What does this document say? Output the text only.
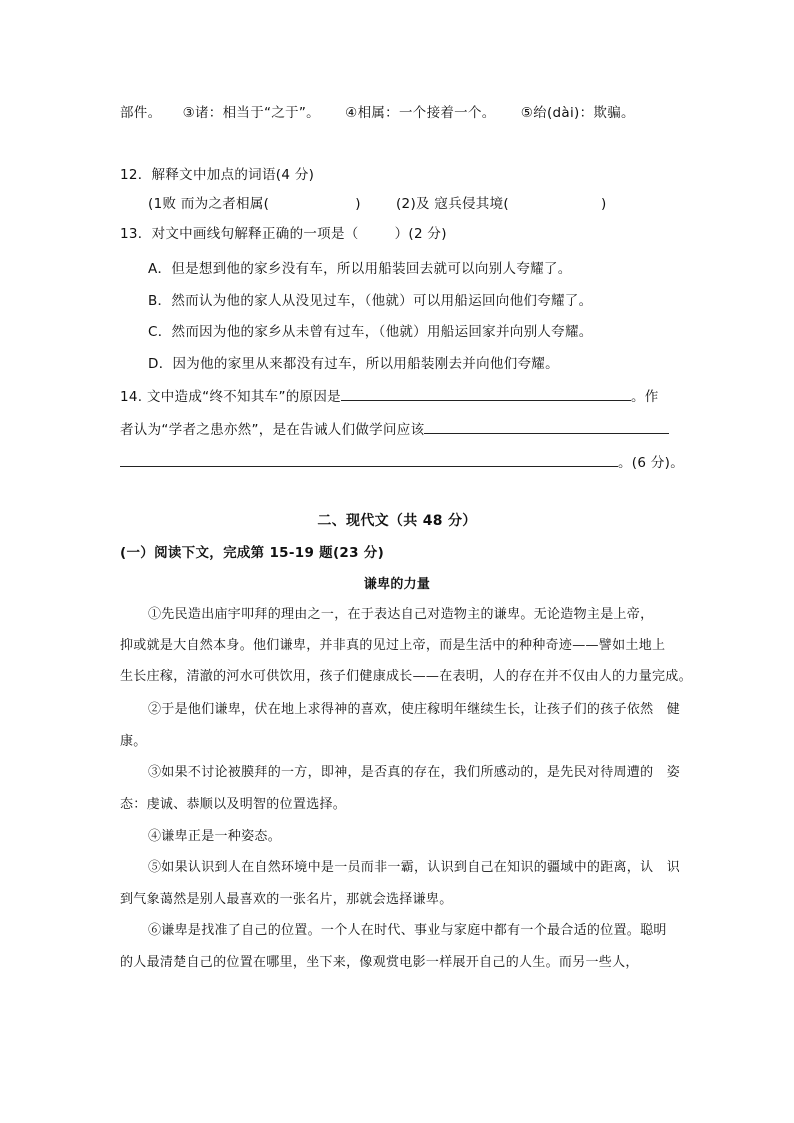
部件。 ③诸：相当于“之于”。 ④相属：一个接着一个。 ⑤绐(dài)：欺骗。
12．解释文中加点的词语(4 分)
(1败 而为之者相属(	)	(2)及 寇兵侵其境(	)
13．对文中画线句解释正确的一项是（	）(2 分)
A．但是想到他的家乡没有车，所以用船装回去就可以向别人夸耀了。
B．然而认为他的家人从没见过车，（他就）可以用船运回向他们夸耀了。
C．然而因为他的家乡从未曾有过车，（他就）用船运回家并向别人夸耀。
D．因为他的家里从来都没有过车，所以用船装刚去并向他们夸耀。
14. 文中造成“终不知其车”的原因是	。作
者认为“学者之患亦然”，是在告诫人们做学问应该
。(6 分)。
二、现代文（共 48 分）
(一）阅读下文，完成第 15-19 题(23 分)
谦卑的力量
①先民造出庙宇叩拜的理由之一，在于表达自己对造物主的谦卑。无论造物主是上帝，
抑或就是大自然本身。他们谦卑，并非真的见过上帝，而是生活中的种种奇迹——譬如土地上
生长庄稼，清澈的河水可供饮用，孩子们健康成长——在表明，人的存在并不仅由人的力量完成。
②于是他们谦卑，伏在地上求得神的喜欢，使庄稼明年继续生长，让孩子们的孩子依然　健
康。
③如果不讨论被膜拜的一方，即神，是否真的存在，我们所感动的，是先民对待周遭的　姿
态：虔诚、恭顺以及明智的位置选择。
④谦卑正是一种姿态。
⑤如果认识到人在自然环境中是一员而非一霸，认识到自己在知识的疆域中的距离，认　识
到气象蔼然是别人最喜欢的一张名片，那就会选择谦卑。
⑥谦卑是找准了自己的位置。一个人在时代、事业与家庭中都有一个最合适的位置。聪明
的人最清楚自己的位置在哪里，坐下来，像观赏电影一样展开自己的人生。而另一些人，
